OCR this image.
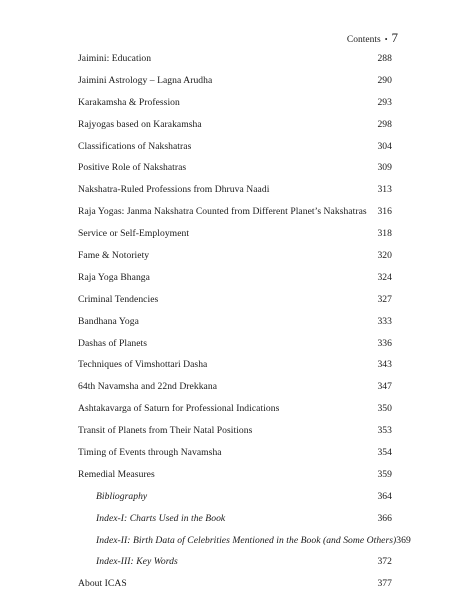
Contents • 7
Jaimini: Education	288
Jaimini Astrology – Lagna Arudha	290
Karakamsha & Profession	293
Rajyogas based on Karakamsha	298
Classifications of Nakshatras	304
Positive Role of Nakshatras	309
Nakshatra-Ruled Professions from Dhruva Naadi	313
Raja Yogas: Janma Nakshatra Counted from Different Planet’s Nakshatras 316
Service or Self-Employment	318
Fame & Notoriety	320
Raja Yoga Bhanga	324
Criminal Tendencies	327
Bandhana Yoga	333
Dashas of Planets	336
Techniques of Vimshottari Dasha	343
64th Navamsha and 22nd Drekkana	347
Ashtakavarga of Saturn for Professional Indications	350
Transit of Planets from Their Natal Positions	353
Timing of Events through Navamsha	354
Remedial Measures	359
Bibliography	364
Index-I: Charts Used in the Book	366
Index-II: Birth Data of Celebrities Mentioned in the Book (and Some Others) 369
Index-III: Key Words	372
About ICAS	377
